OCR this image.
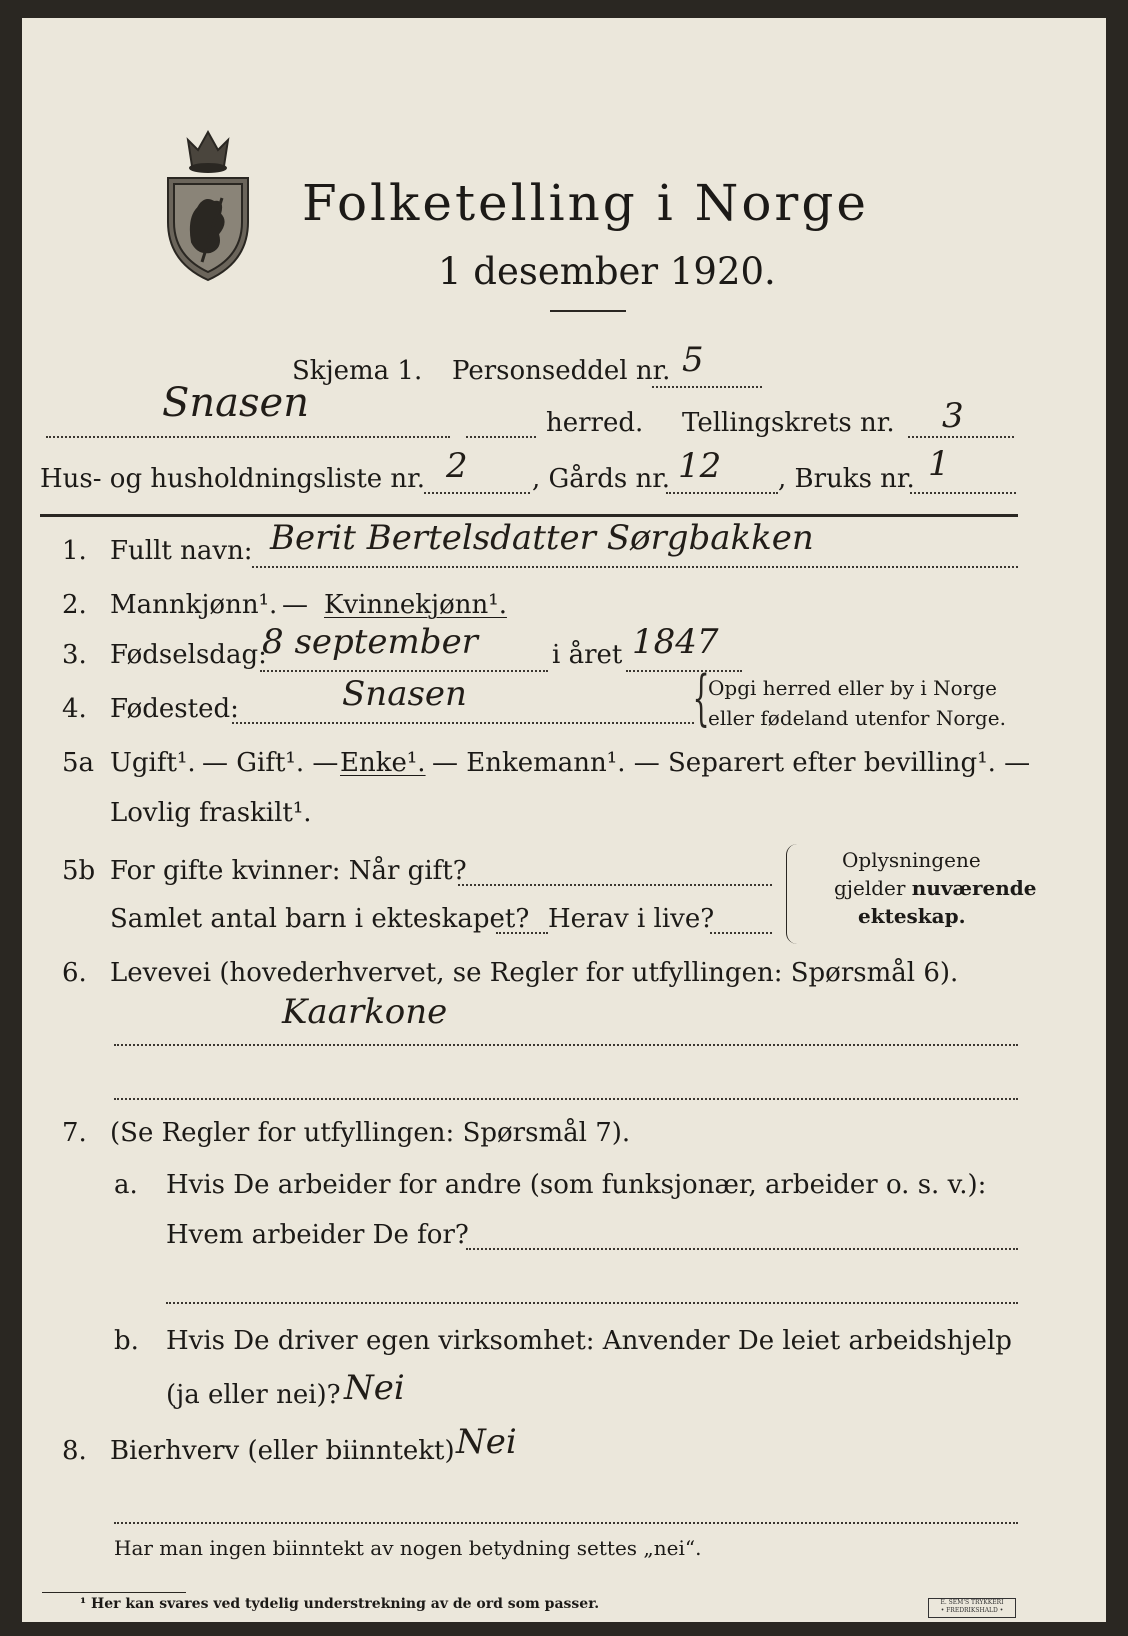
Folketelling i Norge
1 desember 1920.
Skjema 1. Personseddel nr. 5
Snasen	herred. Tellingskrets nr. 3
Hus- og husholdningsliste nr. 2 , Gårds nr. 12 , Bruks nr. 1
1. Fullt navn: Berit Bertelsdatter Sørgbakken
2. Mannkjønn¹. — Kvinnekjønn¹.
3. Fødselsdag:
8 september	i året 1847
4. Fødested:	Snasen	{
Opgi herred eller by i Norge
eller fødeland utenfor Norge.
5a Ugift¹. — Gift¹. — Enke¹. — Enkemann¹. — Separert efter bevilling¹. —
Lovlig fraskilt¹.
5b For gifte kvinner: Når gift?
Samlet antal barn i ekteskapet? Herav i live?
Oplysningene
gjelder nuværende
ekteskap.
6. Levevei (hovederhvervet, se Regler for utfyllingen: Spørsmål 6).
Kaarkone
7. (Se Regler for utfyllingen: Spørsmål 7).
a. Hvis De arbeider for andre (som funksjonær, arbeider o. s. v.):
Hvem arbeider De for?
b. Hvis De driver egen virksomhet: Anvender De leiet arbeidshjelp
(ja eller nei)? Nei
8. Bierhverv (eller biinntekt) Nei
Har man ingen biinntekt av nogen betydning settes „nei“.
¹ Her kan svares ved tydelig understrekning av de ord som passer.	E. SEM'S TRYKKERI
• FREDRIKSHALD •
